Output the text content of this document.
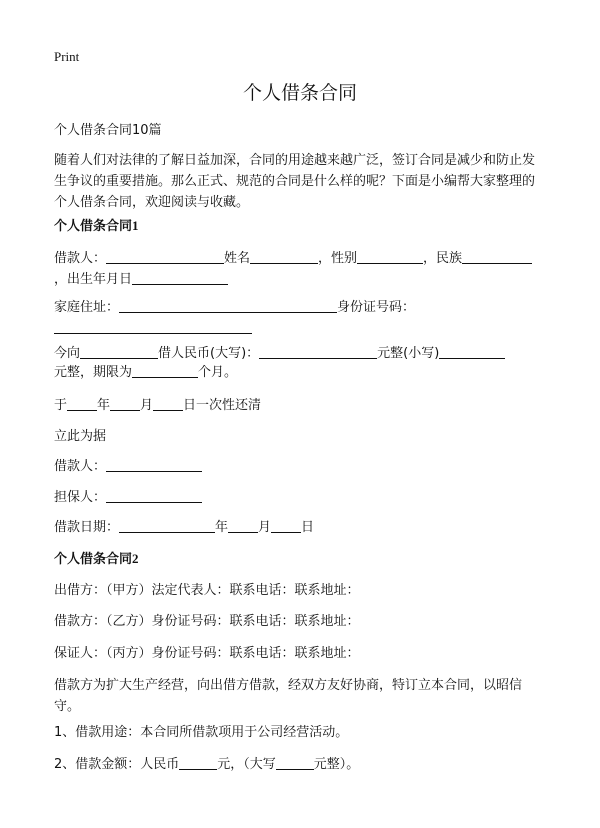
Print
个人借条合同
个人借条合同10篇
随着人们对法律的了解日益加深，合同的用途越来越广泛，签订合同是减少和防止发生争议的重要措施。那么正式、规范的合同是什么样的呢？下面是小编帮大家整理的个人借条合同，欢迎阅读与收藏。
个人借条合同1
借款人：	姓名	，性别	，民族
，出生年月日
家庭住址：	身份证号码：
今向	借人民币(大写)：	元整(小写)
元整，期限为	个月。
于 年 月 日一次性还清
立此为据
借款人：
担保人：
借款日期：	年 月 日
个人借条合同2
出借方：（甲方）法定代表人：联系电话：联系地址：
借款方：（乙方）身份证号码：联系电话：联系地址：
保证人：（丙方）身份证号码：联系电话：联系地址：
借款方为扩大生产经营，向出借方借款，经双方友好协商，特订立本合同，以昭信守。
1、借款用途：本合同所借款项用于公司经营活动。
2、借款金额：人民币	元，（大写	元整）。
